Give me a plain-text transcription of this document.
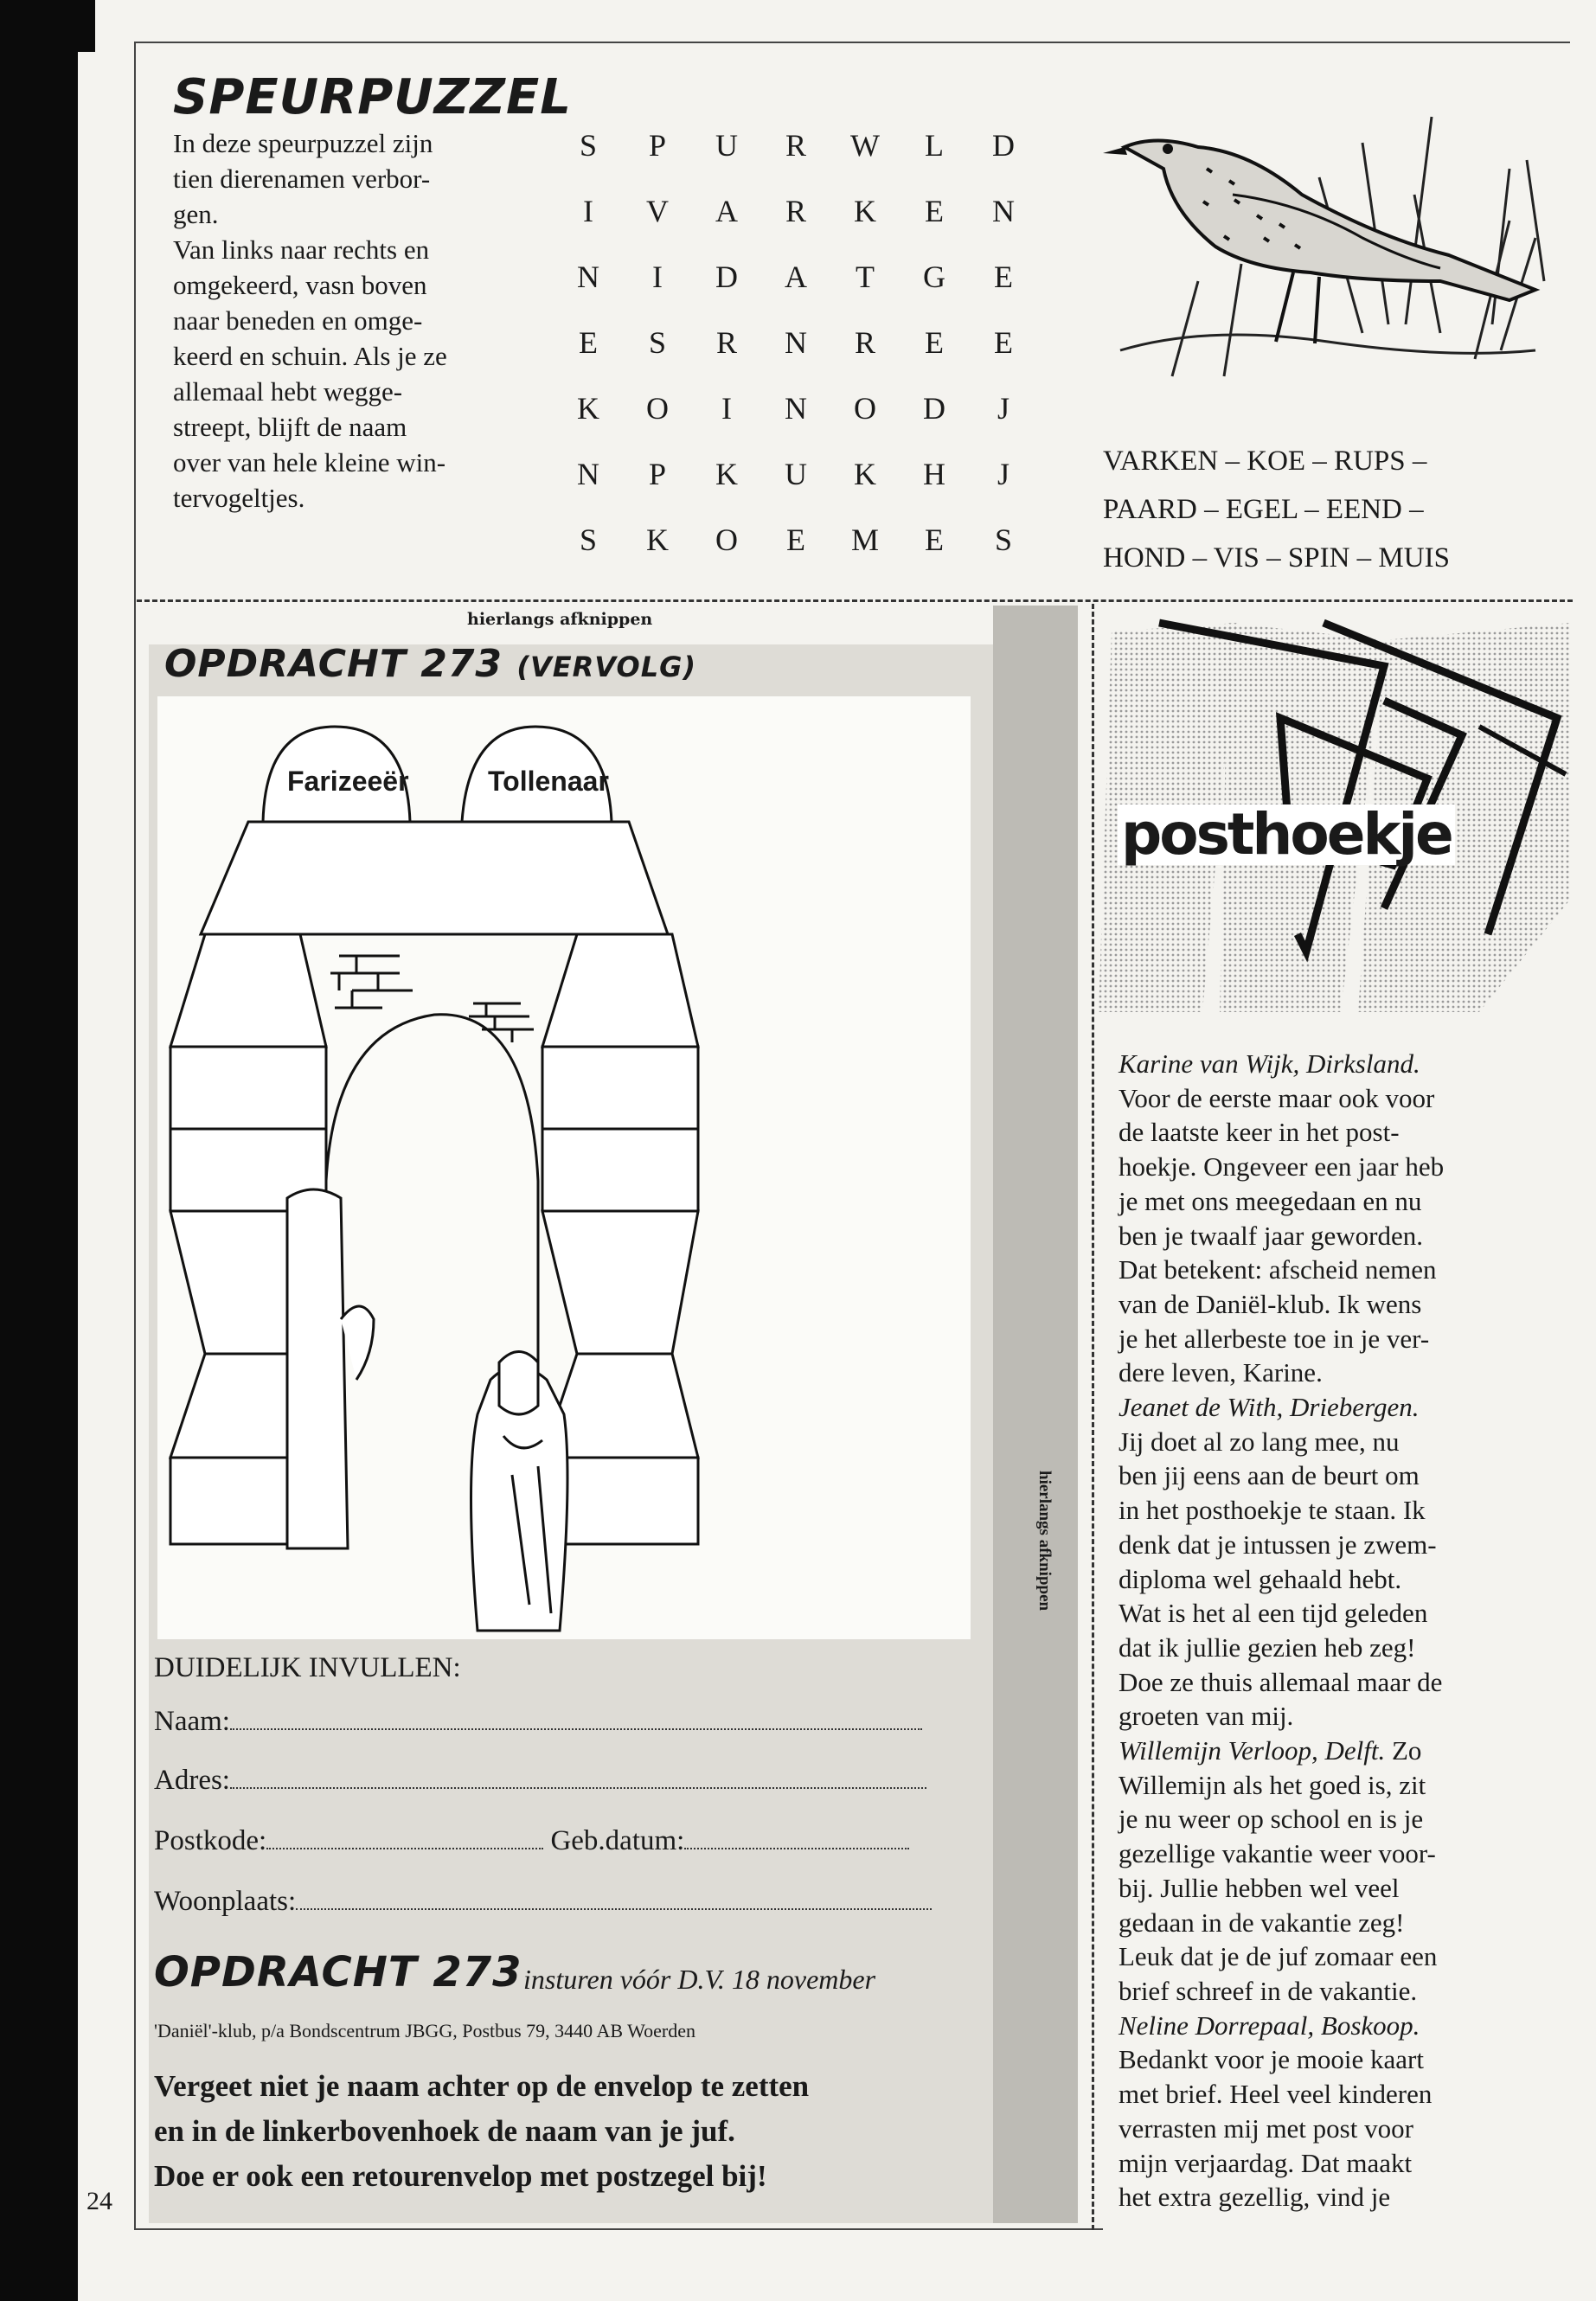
24
SPEURPUZZEL
In deze speurpuzzel zijn
tien dierenamen verbor-
gen.
Van links naar rechts en
omgekeerd, vasn boven
naar beneden en omge-
keerd en schuin. Als je ze
allemaal hebt wegge-
streept, blijft de naam
over van hele kleine win-
tervogeltjes.
S	P	U	R	W	L	D
I	V	A	R	K	E	N
N	I	D	A	T	G	E
E	S	R	N	R	E	E
K	O	I	N	O	D	J
N	P	K	U	K	H	J
S	K	O	E	M	E	S
VARKEN – KOE – RUPS –
PAARD – EGEL – EEND –
HOND – VIS – SPIN – MUIS
hierlangs afknippen
hierlangs afknippen
OPDRACHT 273 (VERVOLG)
Farizeeër	Tollenaar
DUIDELIJK INVULLEN:
Naam:
Adres:
Postkode:	Geb.datum:
Woonplaats:
OPDRACHT 273 insturen vóór D.V. 18 november
'Daniël'-klub, p/a Bondscentrum JBGG, Postbus 79, 3440 AB Woerden
Vergeet niet je naam achter op de envelop te zetten
en in de linkerbovenhoek de naam van je juf.
Doe er ook een retourenvelop met postzegel bij!
posthoekje
Karine van Wijk, Dirksland.
Voor de eerste maar ook voor
de laatste keer in het post-
hoekje. Ongeveer een jaar heb
je met ons meegedaan en nu
ben je twaalf jaar geworden.
Dat betekent: afscheid nemen
van de Daniël-klub. Ik wens
je het allerbeste toe in je ver-
dere leven, Karine.
Jeanet de With, Driebergen.
Jij doet al zo lang mee, nu
ben jij eens aan de beurt om
in het posthoekje te staan. Ik
denk dat je intussen je zwem-
diploma wel gehaald hebt.
Wat is het al een tijd geleden
dat ik jullie gezien heb zeg!
Doe ze thuis allemaal maar de
groeten van mij.
Willemijn Verloop, Delft. Zo
Willemijn als het goed is, zit
je nu weer op school en is je
gezellige vakantie weer voor-
bij. Jullie hebben wel veel
gedaan in de vakantie zeg!
Leuk dat je de juf zomaar een
brief schreef in de vakantie.
Neline Dorrepaal, Boskoop.
Bedankt voor je mooie kaart
met brief. Heel veel kinderen
verrasten mij met post voor
mijn verjaardag. Dat maakt
het extra gezellig, vind je
